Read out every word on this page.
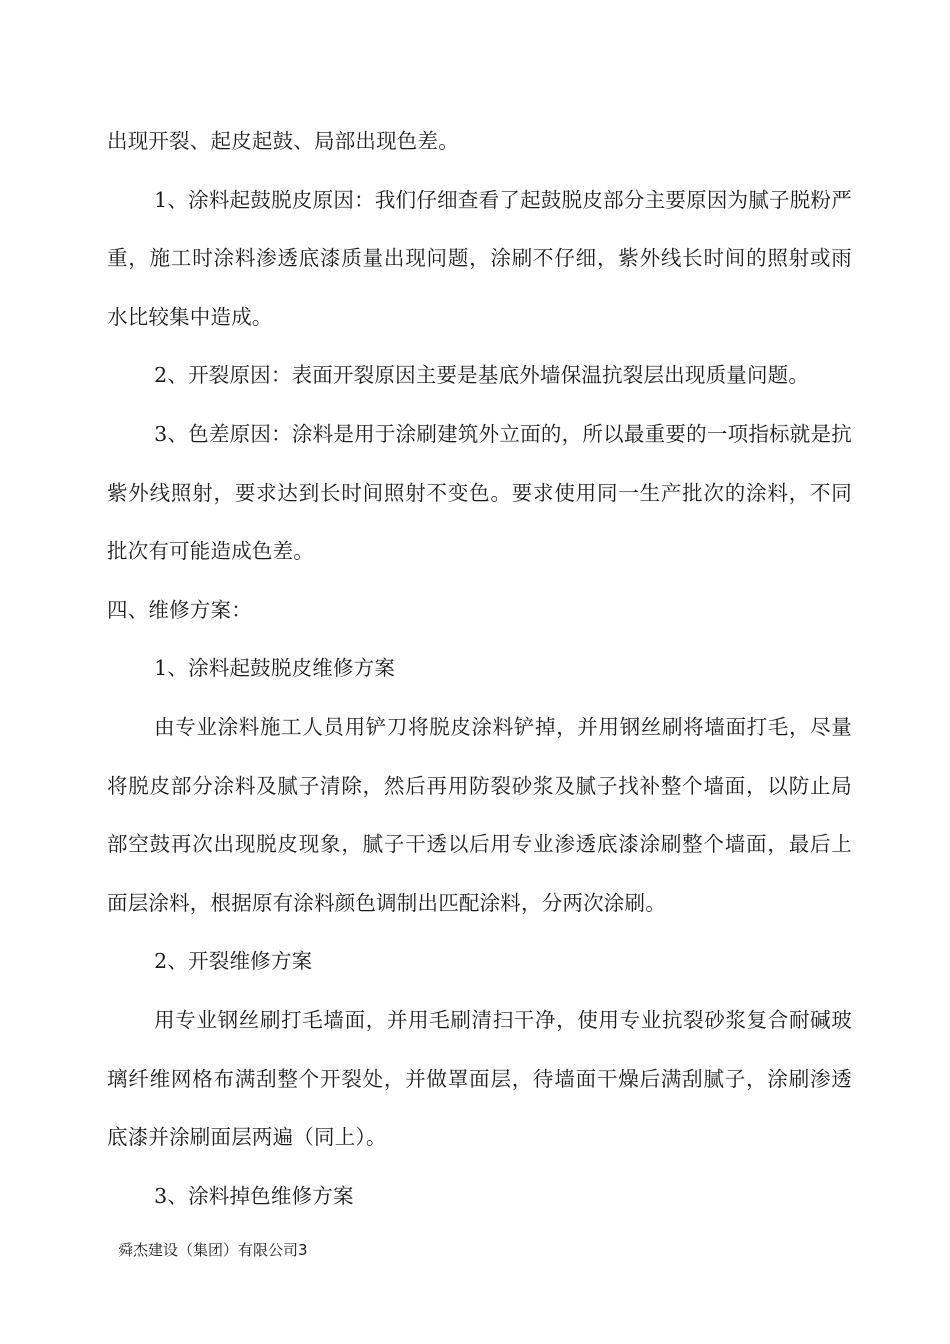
出现开裂、起皮起鼓、局部出现色差。

1、涂料起鼓脱皮原因：我们仔细查看了起鼓脱皮部分主要原因为腻子脱粉严重，施工时涂料渗透底漆质量出现问题，涂刷不仔细，紫外线长时间的照射或雨水比较集中造成。

2、开裂原因：表面开裂原因主要是基底外墙保温抗裂层出现质量问题。

3、色差原因：涂料是用于涂刷建筑外立面的，所以最重要的一项指标就是抗紫外线照射，要求达到长时间照射不变色。要求使用同一生产批次的涂料，不同批次有可能造成色差。

四、维修方案：

1、涂料起鼓脱皮维修方案

由专业涂料施工人员用铲刀将脱皮涂料铲掉，并用钢丝刷将墙面打毛，尽量将脱皮部分涂料及腻子清除，然后再用防裂砂浆及腻子找补整个墙面，以防止局部空鼓再次出现脱皮现象，腻子干透以后用专业渗透底漆涂刷整个墙面，最后上面层涂料，根据原有涂料颜色调制出匹配涂料，分两次涂刷。

2、开裂维修方案

用专业钢丝刷打毛墙面，并用毛刷清扫干净，使用专业抗裂砂浆复合耐碱玻璃纤维网格布满刮整个开裂处，并做罩面层，待墙面干燥后满刮腻子，涂刷渗透底漆并涂刷面层两遍（同上）。

3、涂料掉色维修方案

舜杰建设（集团）有限公司3
